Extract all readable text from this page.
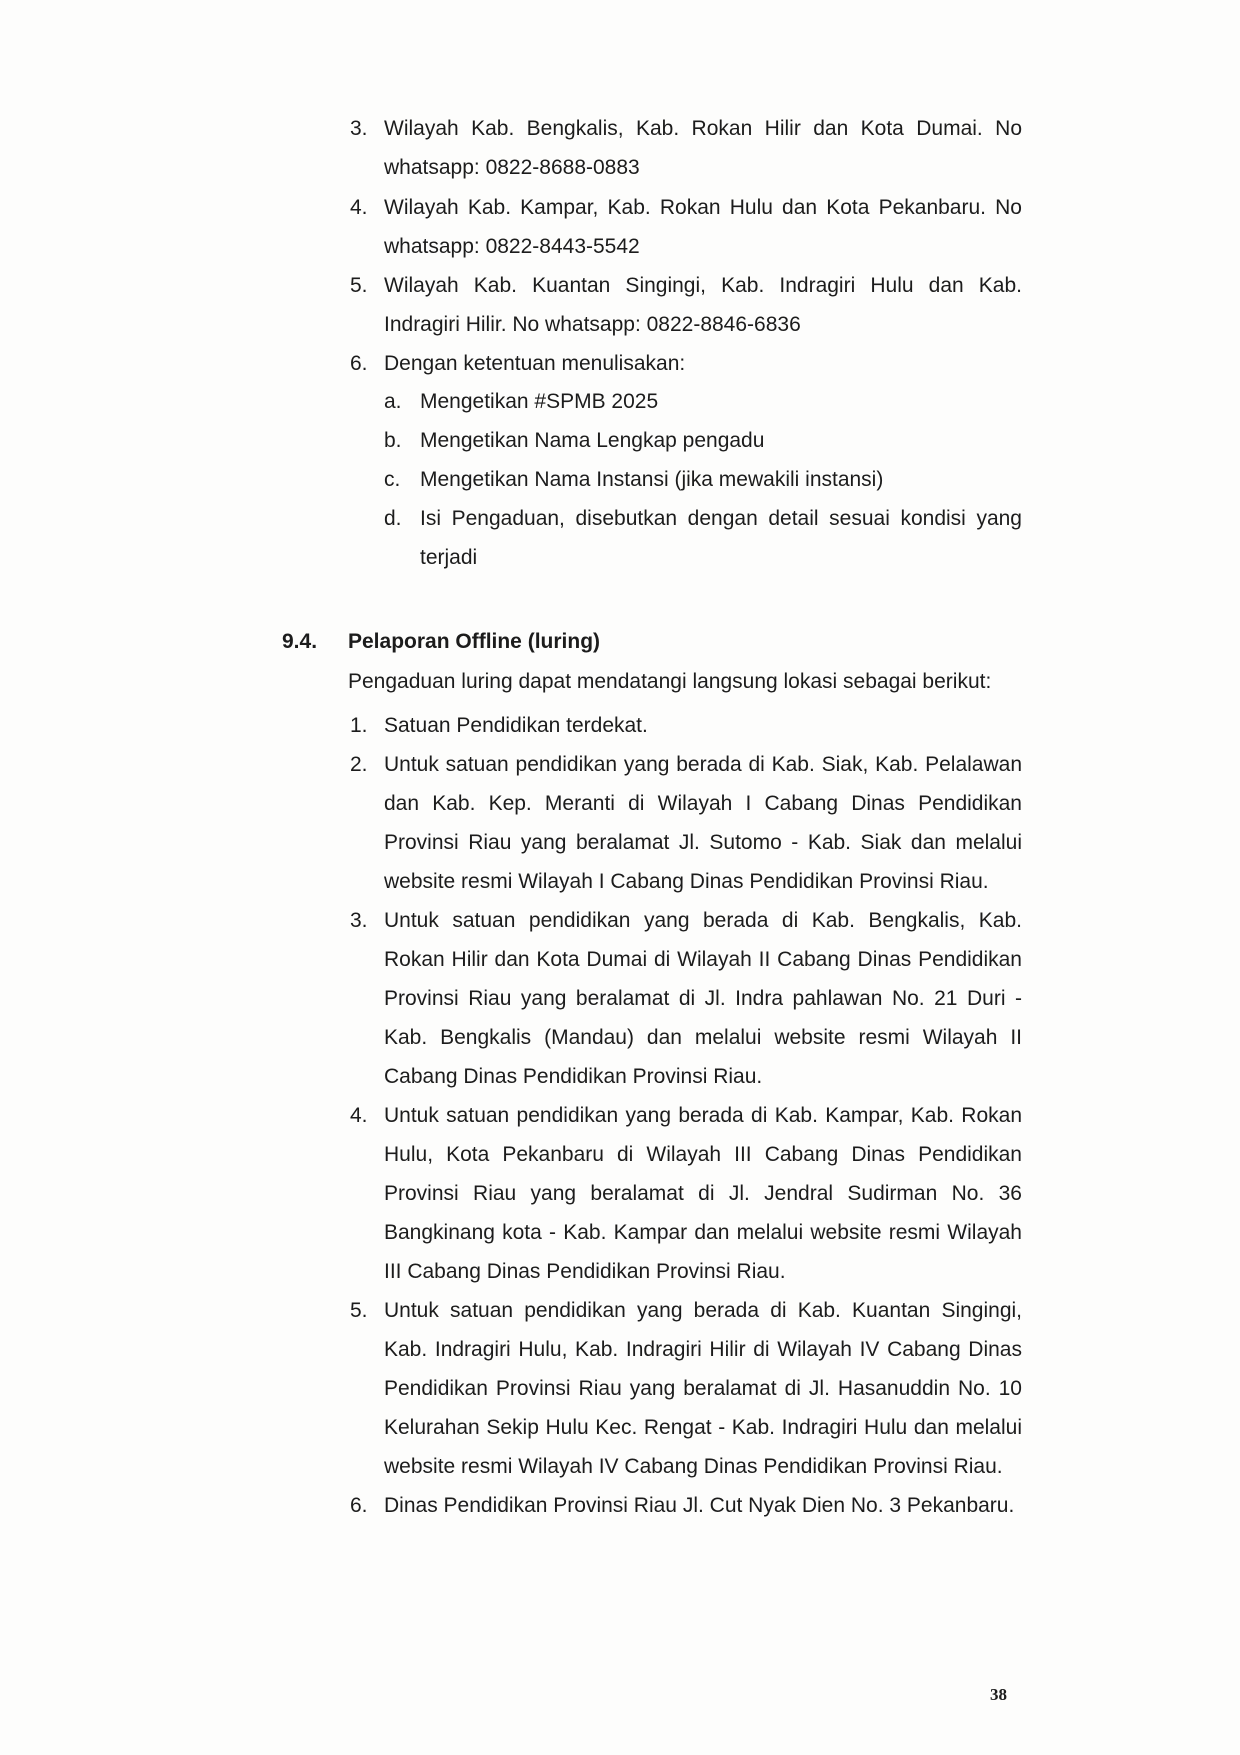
3. Wilayah Kab. Bengkalis, Kab. Rokan Hilir dan Kota Dumai. No whatsapp: 0822-8688-0883
4. Wilayah Kab. Kampar, Kab. Rokan Hulu dan Kota Pekanbaru. No whatsapp: 0822-8443-5542
5. Wilayah Kab. Kuantan Singingi, Kab. Indragiri Hulu dan Kab. Indragiri Hilir. No whatsapp: 0822-8846-6836
6. Dengan ketentuan menulisakan:
a. Mengetikan #SPMB 2025
b. Mengetikan Nama Lengkap pengadu
c. Mengetikan Nama Instansi (jika mewakili instansi)
d. Isi Pengaduan, disebutkan dengan detail sesuai kondisi yang terjadi
9.4. Pelaporan Offline (luring)
Pengaduan luring dapat mendatangi langsung lokasi sebagai berikut:
1. Satuan Pendidikan terdekat.
2. Untuk satuan pendidikan yang berada di Kab. Siak, Kab. Pelalawan dan Kab. Kep. Meranti di Wilayah I Cabang Dinas Pendidikan Provinsi Riau yang beralamat Jl. Sutomo - Kab. Siak dan melalui website resmi Wilayah I Cabang Dinas Pendidikan Provinsi Riau.
3. Untuk satuan pendidikan yang berada di Kab. Bengkalis, Kab. Rokan Hilir dan Kota Dumai di Wilayah II Cabang Dinas Pendidikan Provinsi Riau yang beralamat di Jl. Indra pahlawan No. 21 Duri - Kab. Bengkalis (Mandau) dan melalui website resmi Wilayah II Cabang Dinas Pendidikan Provinsi Riau.
4. Untuk satuan pendidikan yang berada di Kab. Kampar, Kab. Rokan Hulu, Kota Pekanbaru di Wilayah III Cabang Dinas Pendidikan Provinsi Riau yang beralamat di Jl. Jendral Sudirman No. 36 Bangkinang kota - Kab. Kampar dan melalui website resmi Wilayah III Cabang Dinas Pendidikan Provinsi Riau.
5. Untuk satuan pendidikan yang berada di Kab. Kuantan Singingi, Kab. Indragiri Hulu, Kab. Indragiri Hilir di Wilayah IV Cabang Dinas Pendidikan Provinsi Riau yang beralamat di Jl. Hasanuddin No. 10 Kelurahan Sekip Hulu Kec. Rengat - Kab. Indragiri Hulu dan melalui website resmi Wilayah IV Cabang Dinas Pendidikan Provinsi Riau.
6. Dinas Pendidikan Provinsi Riau Jl. Cut Nyak Dien No. 3 Pekanbaru.
38
